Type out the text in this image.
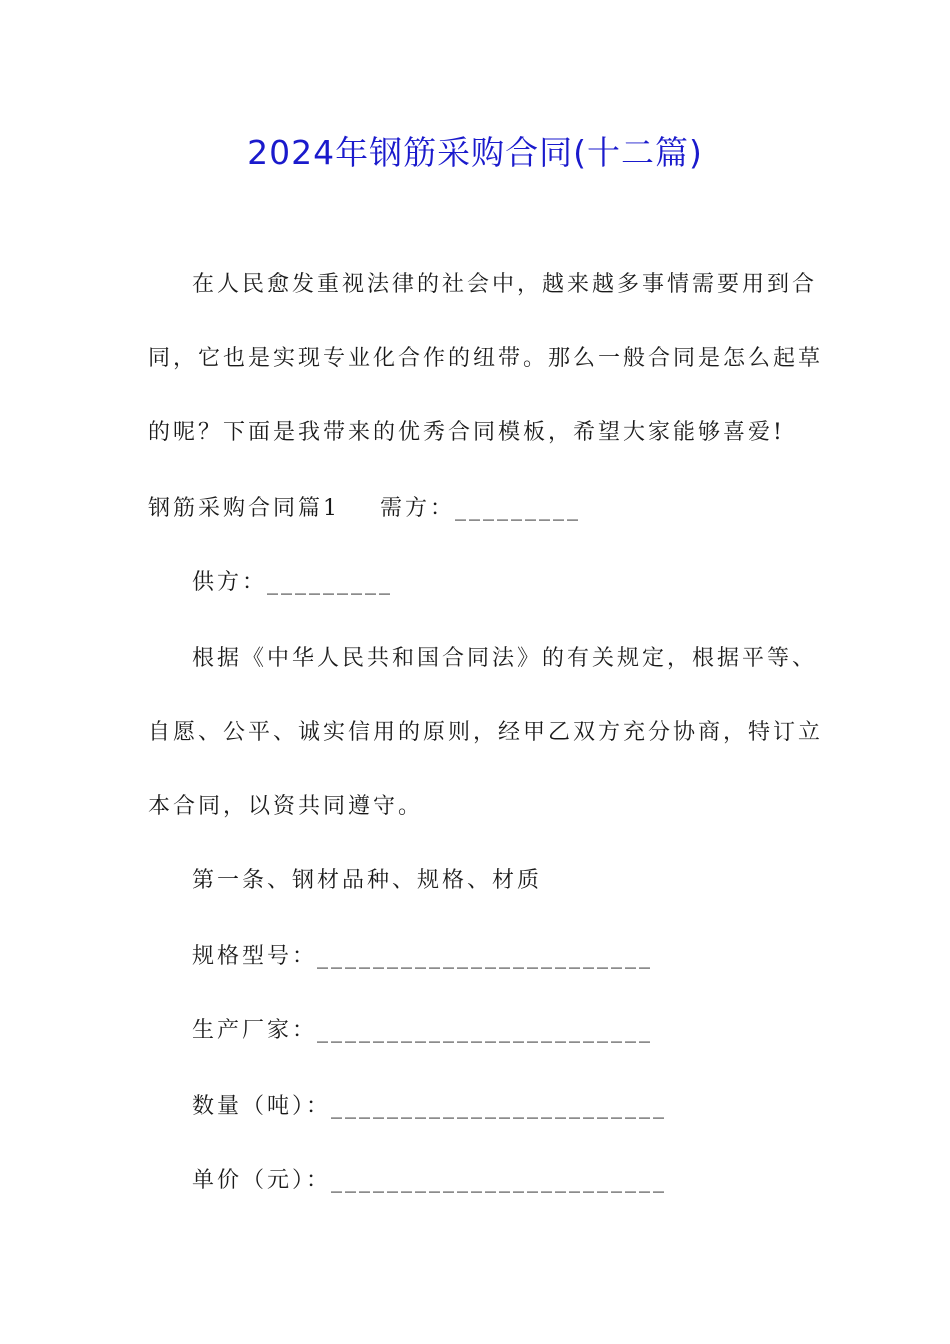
2024年钢筋采购合同(十二篇)
在人民愈发重视法律的社会中，越来越多事情需要用到合
同，它也是实现专业化合作的纽带。那么一般合同是怎么起草
的呢？下面是我带来的优秀合同模板，希望大家能够喜爱!
钢筋采购合同篇1 需方：_________
供方：_________
根据《中华人民共和国合同法》的有关规定，根据平等、
自愿、公平、诚实信用的原则，经甲乙双方充分协商，特订立
本合同，以资共同遵守。
第一条、钢材品种、规格、材质
规格型号：________________________
生产厂家：________________________
数量（吨）：________________________
单价（元）：________________________
